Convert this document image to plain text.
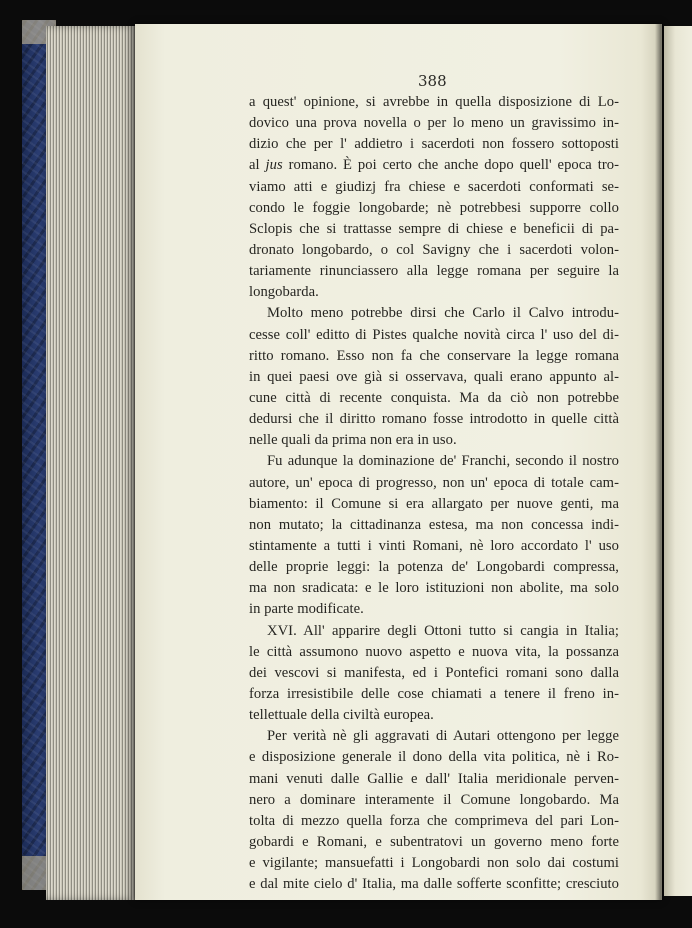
388
a quest' opinione, si avrebbe in quella disposizione di Lo-
dovico una prova novella o per lo meno un gravissimo in-
dizio che per l' addietro i sacerdoti non fossero sottoposti
al jus romano. È poi certo che anche dopo quell' epoca tro-
viamo atti e giudizj fra chiese e sacerdoti conformati se-
condo le foggie longobarde; nè potrebbesi supporre collo
Sclopis che si trattasse sempre di chiese e beneficii di pa-
dronato longobardo, o col Savigny che i sacerdoti volon-
tariamente rinunciassero alla legge romana per seguire la
longobarda.
Molto meno potrebbe dirsi che Carlo il Calvo introdu-
cesse coll' editto di Pistes qualche novità circa l' uso del di-
ritto romano. Esso non fa che conservare la legge romana
in quei paesi ove già si osservava, quali erano appunto al-
cune città di recente conquista. Ma da ciò non potrebbe
dedursi che il diritto romano fosse introdotto in quelle città
nelle quali da prima non era in uso.
Fu adunque la dominazione de' Franchi, secondo il nostro
autore, un' epoca di progresso, non un' epoca di totale cam-
biamento: il Comune si era allargato per nuove genti, ma
non mutato; la cittadinanza estesa, ma non concessa indi-
stintamente a tutti i vinti Romani, nè loro accordato l' uso
delle proprie leggi: la potenza de' Longobardi compressa,
ma non sradicata: e le loro istituzioni non abolite, ma solo
in parte modificate.
XVI. All' apparire degli Ottoni tutto si cangia in Italia;
le città assumono nuovo aspetto e nuova vita, la possanza
dei vescovi si manifesta, ed i Pontefici romani sono dalla
forza irresistibile delle cose chiamati a tenere il freno in-
tellettuale della civiltà europea.
Per verità nè gli aggravati di Autari ottengono per legge
e disposizione generale il dono della vita politica, nè i Ro-
mani venuti dalle Gallie e dall' Italia meridionale perven-
nero a dominare interamente il Comune longobardo. Ma
tolta di mezzo quella forza che comprimeva del pari Lon-
gobardi e Romani, e subentratovi un governo meno forte
e vigilante; mansuefatti i Longobardi non solo dai costumi
e dal mite cielo d' Italia, ma dalle sofferte sconfitte; cresciuto
